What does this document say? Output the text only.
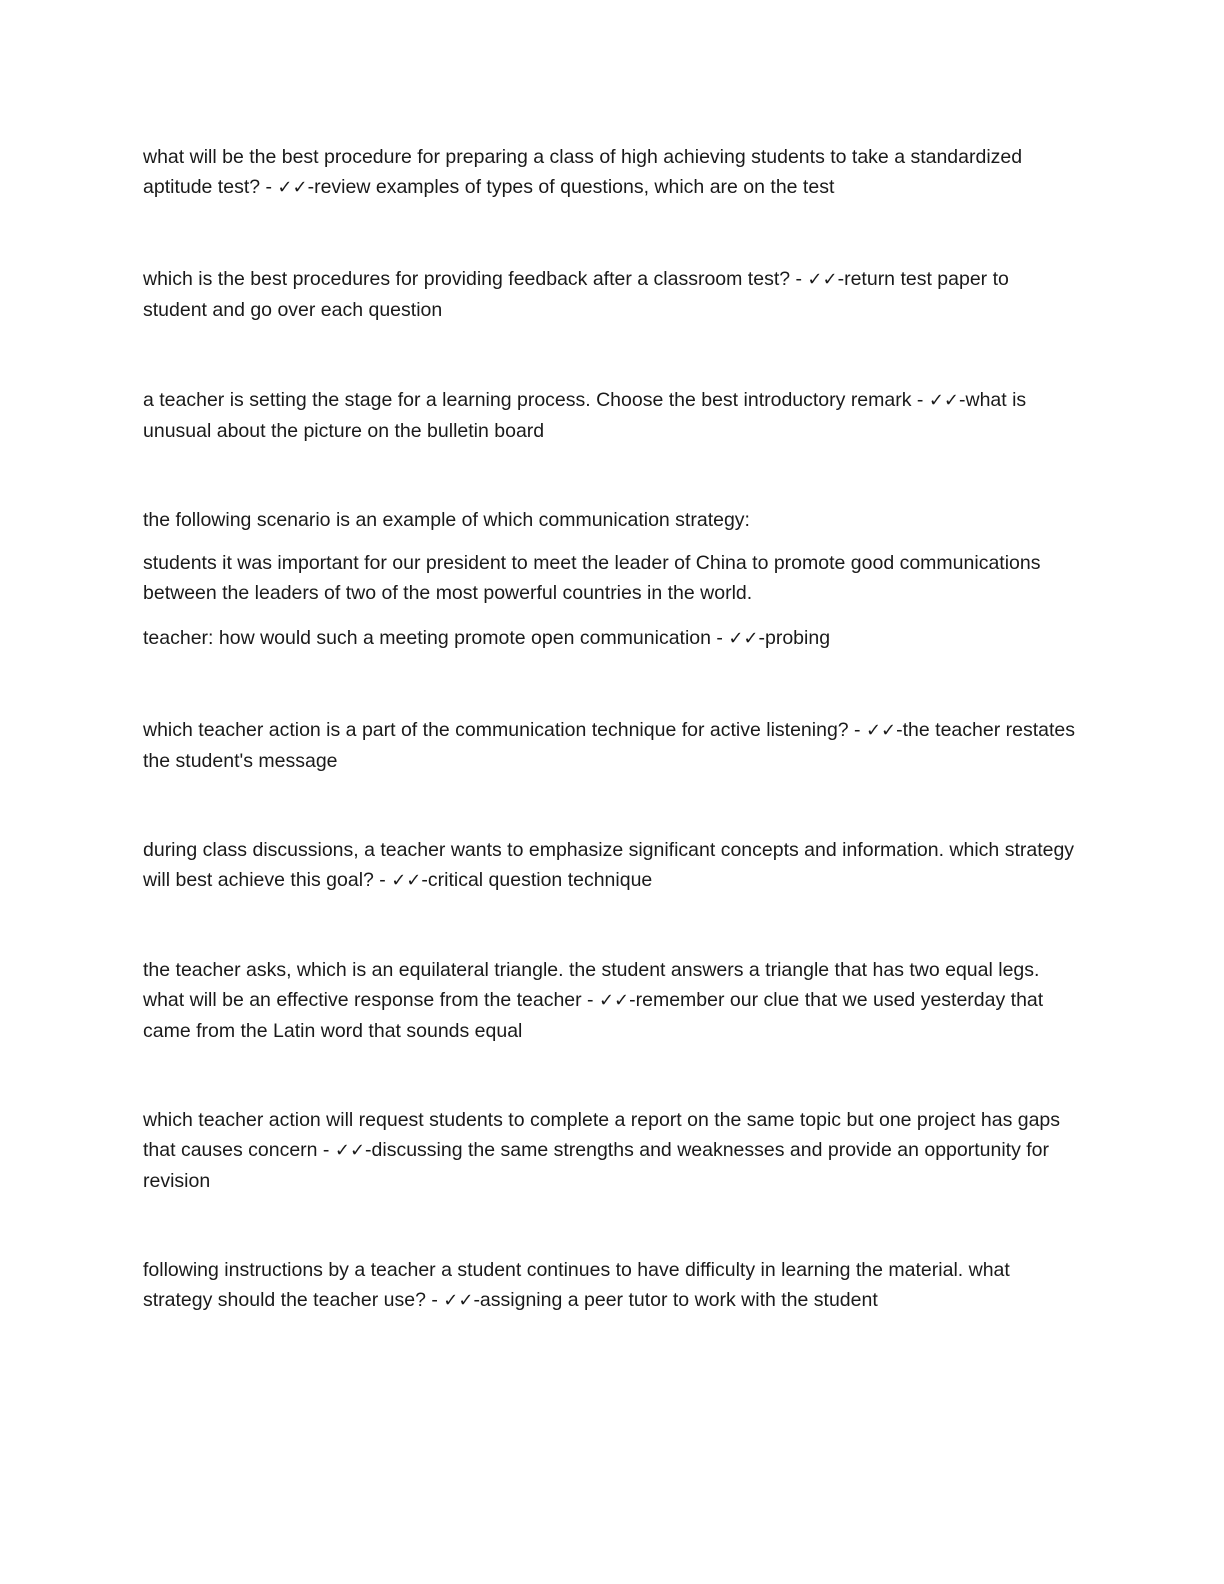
what will be the best procedure for preparing a class of high achieving students to take a standardized aptitude test? - ✓✓-review examples of types of questions, which are on the test

which is the best procedures for providing feedback after a classroom test? - ✓✓-return test paper to student and go over each question

a teacher is setting the stage for a learning process. Choose the best introductory remark - ✓✓-what is unusual about the picture on the bulletin board

the following scenario is an example of which communication strategy:

students it was important for our president to meet the leader of China to promote good communications between the leaders of two of the most powerful countries in the world.

teacher: how would such a meeting promote open communication - ✓✓-probing

which teacher action is a part of the communication technique for active listening? - ✓✓-the teacher restates the student's message

during class discussions, a teacher wants to emphasize significant concepts and information. which strategy will best achieve this goal? - ✓✓-critical question technique

the teacher asks, which is an equilateral triangle. the student answers a triangle that has two equal legs. what will be an effective response from the teacher - ✓✓-remember our clue that we used yesterday that came from the Latin word that sounds equal

which teacher action will request students to complete a report on the same topic but one project has gaps that causes concern - ✓✓-discussing the same strengths and weaknesses and provide an opportunity for revision

following instructions by a teacher a student continues to have difficulty in learning the material. what strategy should the teacher use? - ✓✓-assigning a peer tutor to work with the student
